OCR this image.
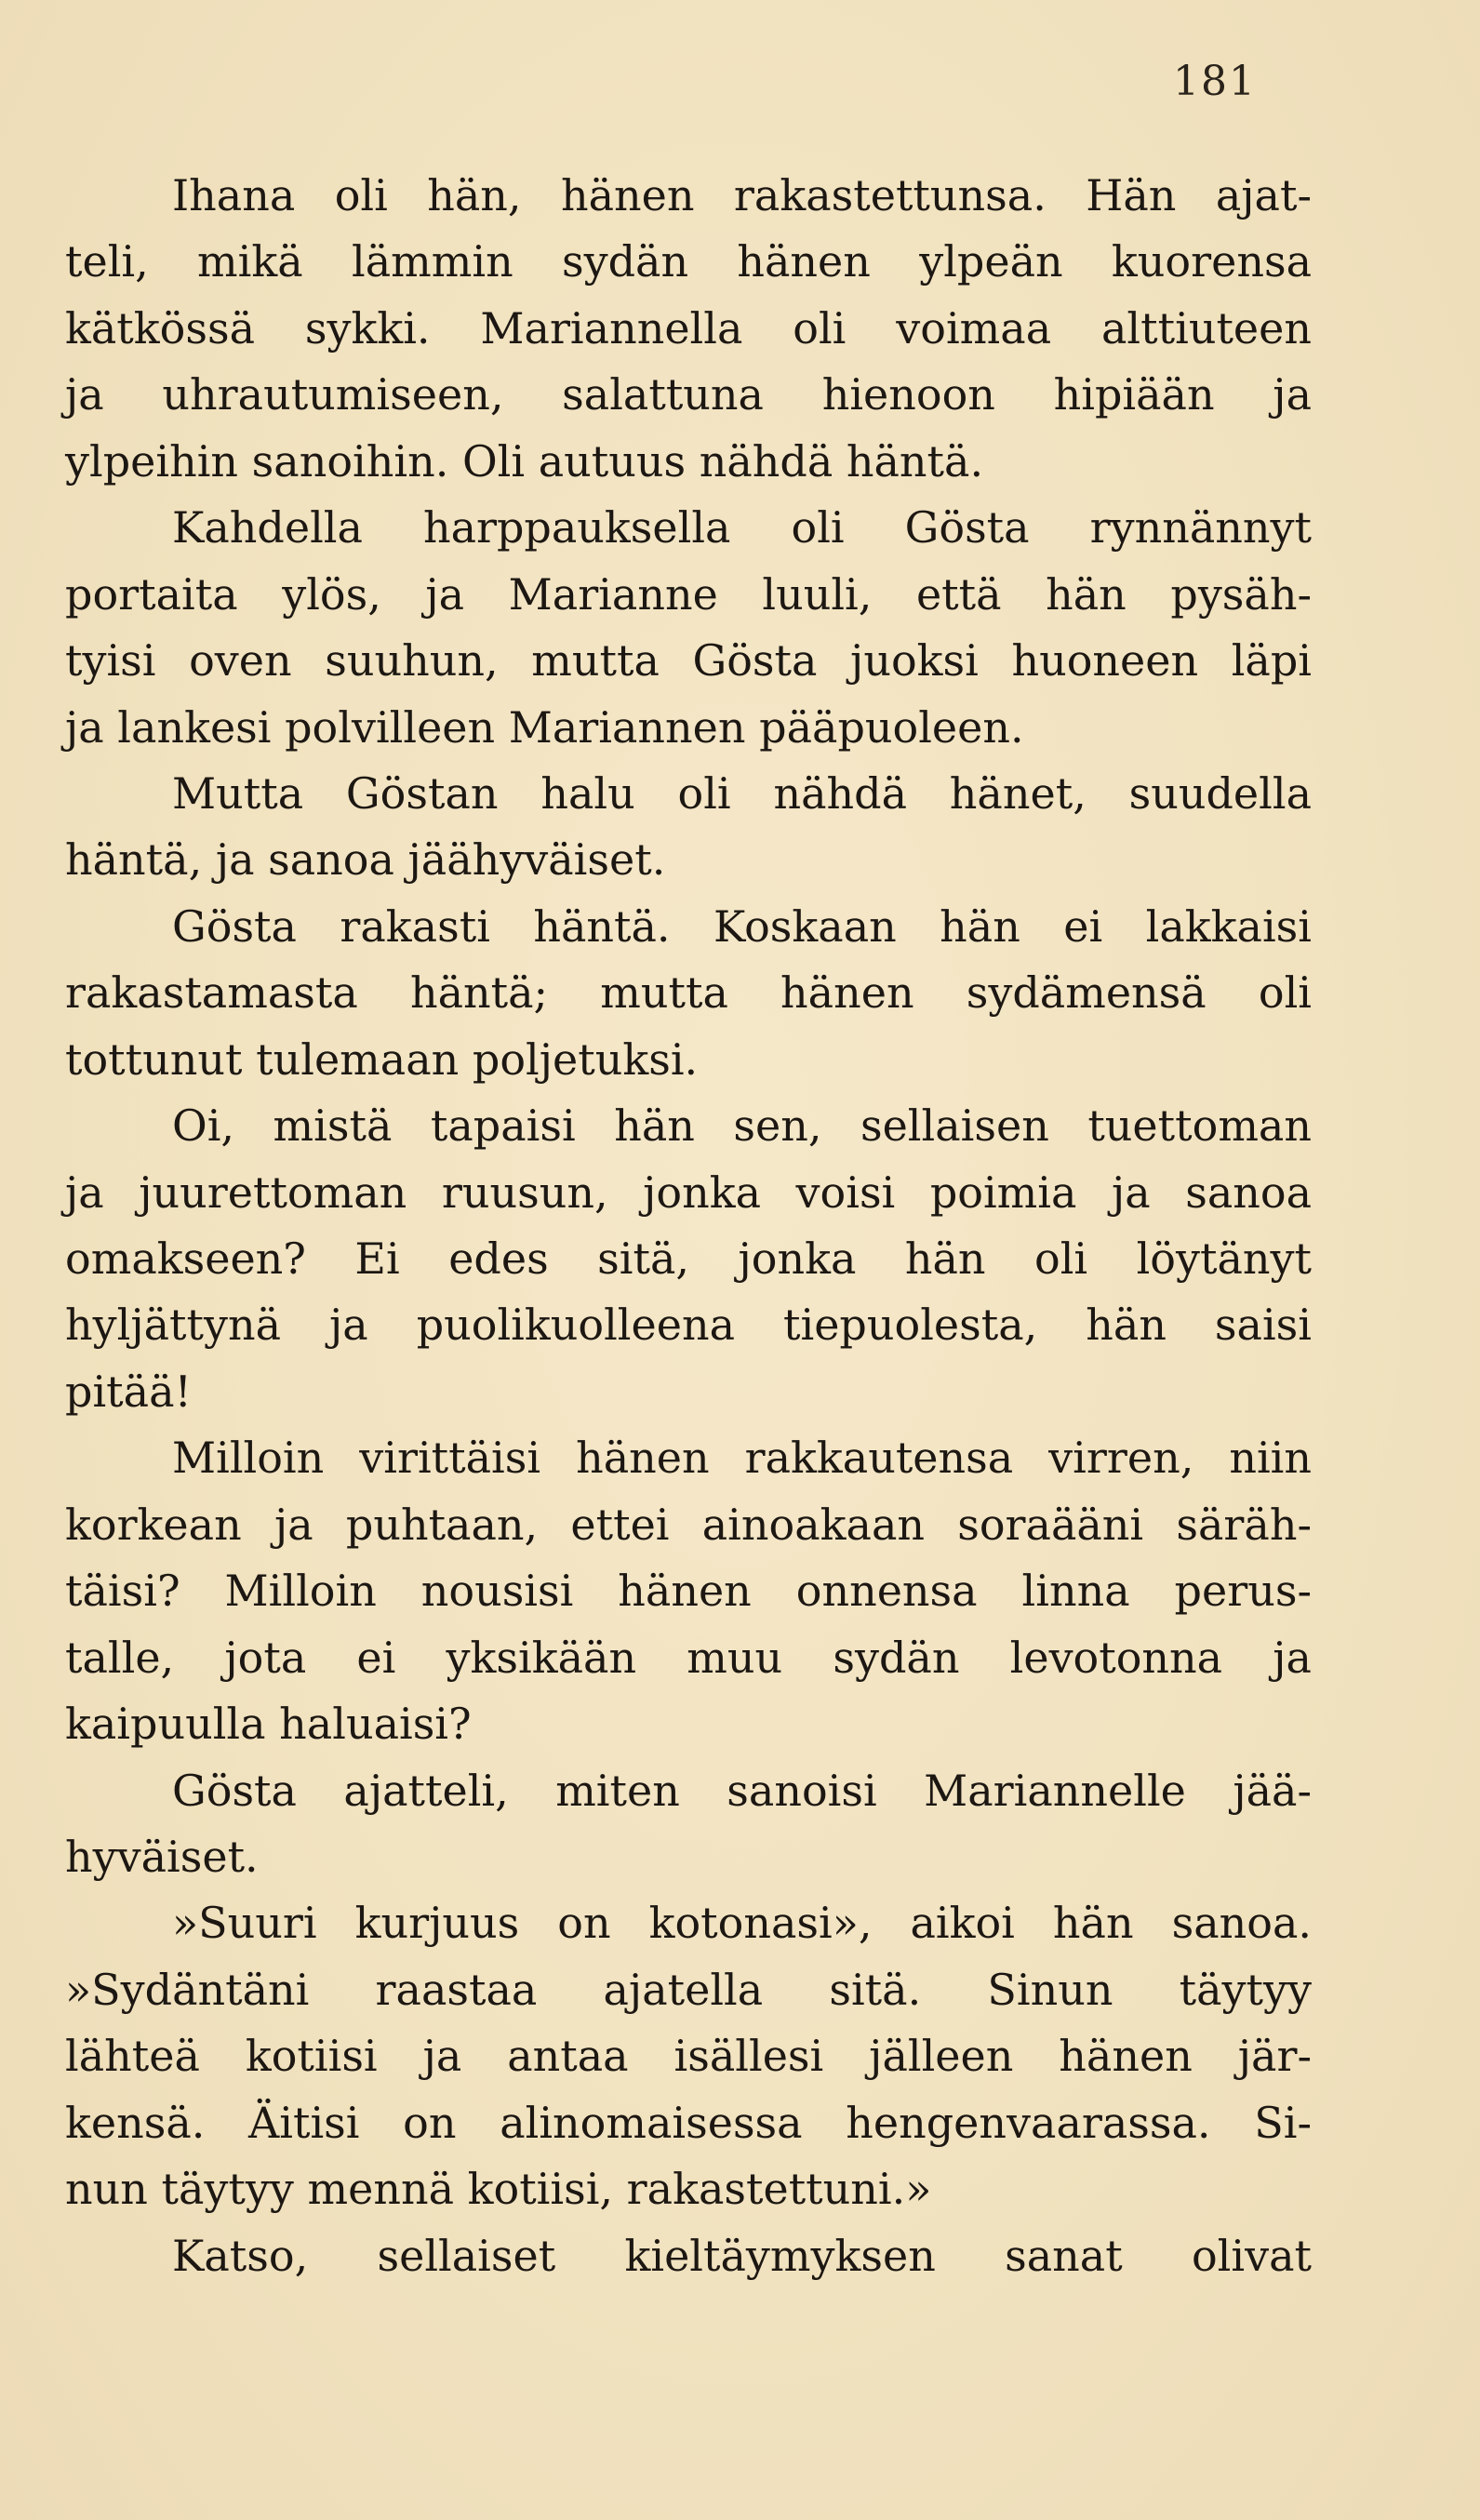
181
Ihana oli hän, hänen rakastettunsa. Hän ajat-
teli, mikä lämmin sydän hänen ylpeän kuorensa
kätkössä sykki. Mariannella oli voimaa alttiuteen
ja uhrautumiseen, salattuna hienoon hipiään ja
ylpeihin sanoihin. Oli autuus nähdä häntä.
Kahdella harppauksella oli Gösta rynnännyt
portaita ylös, ja Marianne luuli, että hän pysäh-
tyisi oven suuhun, mutta Gösta juoksi huoneen läpi
ja lankesi polvilleen Mariannen pääpuoleen.
Mutta Göstan halu oli nähdä hänet, suudella
häntä, ja sanoa jäähyväiset.
Gösta rakasti häntä. Koskaan hän ei lakkaisi
rakastamasta häntä; mutta hänen sydämensä oli
tottunut tulemaan poljetuksi.
Oi, mistä tapaisi hän sen, sellaisen tuettoman
ja juurettoman ruusun, jonka voisi poimia ja sanoa
omakseen? Ei edes sitä, jonka hän oli löytänyt
hyljättynä ja puolikuolleena tiepuolesta, hän saisi
pitää!
Milloin virittäisi hänen rakkautensa virren, niin
korkean ja puhtaan, ettei ainoakaan soraääni säräh-
täisi? Milloin nousisi hänen onnensa linna perus-
talle, jota ei yksikään muu sydän levotonna ja
kaipuulla haluaisi?
Gösta ajatteli, miten sanoisi Mariannelle jää-
hyväiset.
»Suuri kurjuus on kotonasi», aikoi hän sanoa.
»Sydäntäni raastaa ajatella sitä. Sinun täytyy
lähteä kotiisi ja antaa isällesi jälleen hänen jär-
kensä. Äitisi on alinomaisessa hengenvaarassa. Si-
nun täytyy mennä kotiisi, rakastettuni.»
Katso, sellaiset kieltäymyksen sanat olivat
